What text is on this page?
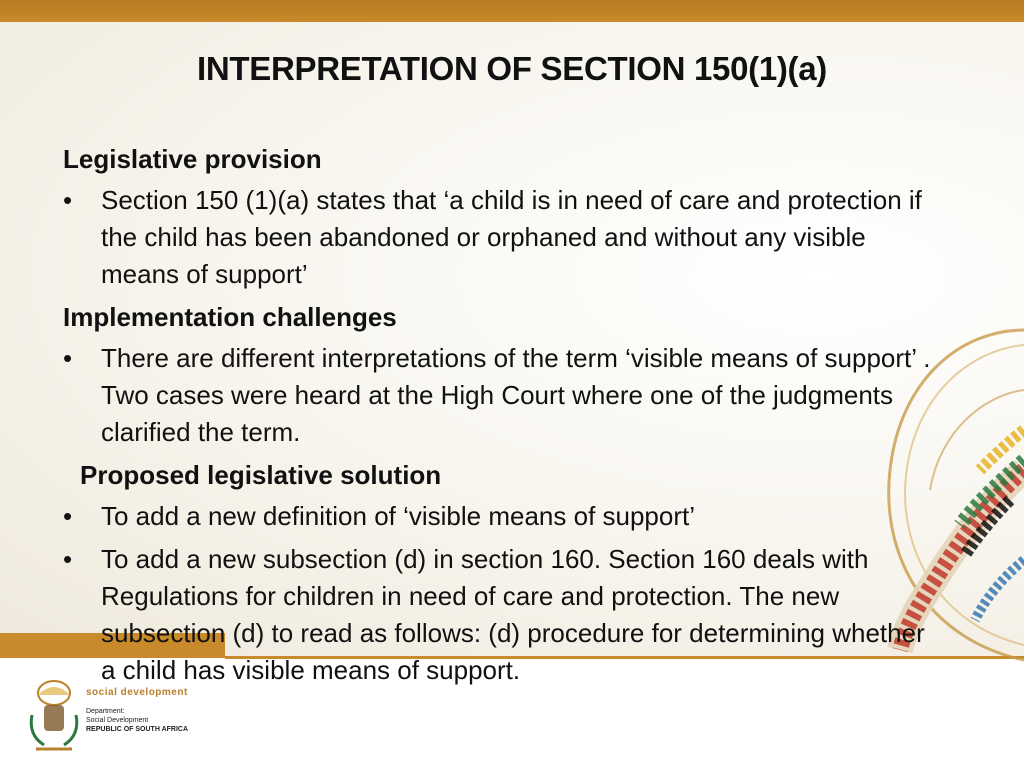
INTERPRETATION OF SECTION 150(1)(a)

Legislative provision

• Section 150 (1)(a) states that ‘a child is in need of care and protection if the child has been abandoned or orphaned and without any visible means of support’

Implementation challenges

• There are different interpretations of the term ‘visible means of support’ . Two cases were heard at the High Court where one of the judgments clarified the term.

Proposed legislative solution

• To add a new definition of ‘visible means of support’
• To add a new subsection (d) in section 160. Section 160 deals with Regulations for children in need of care and protection. The new subsection (d) to read as follows: (d) procedure for determining whether a child has visible means of support.
social development
Department:
Social Development
REPUBLIC OF SOUTH AFRICA
